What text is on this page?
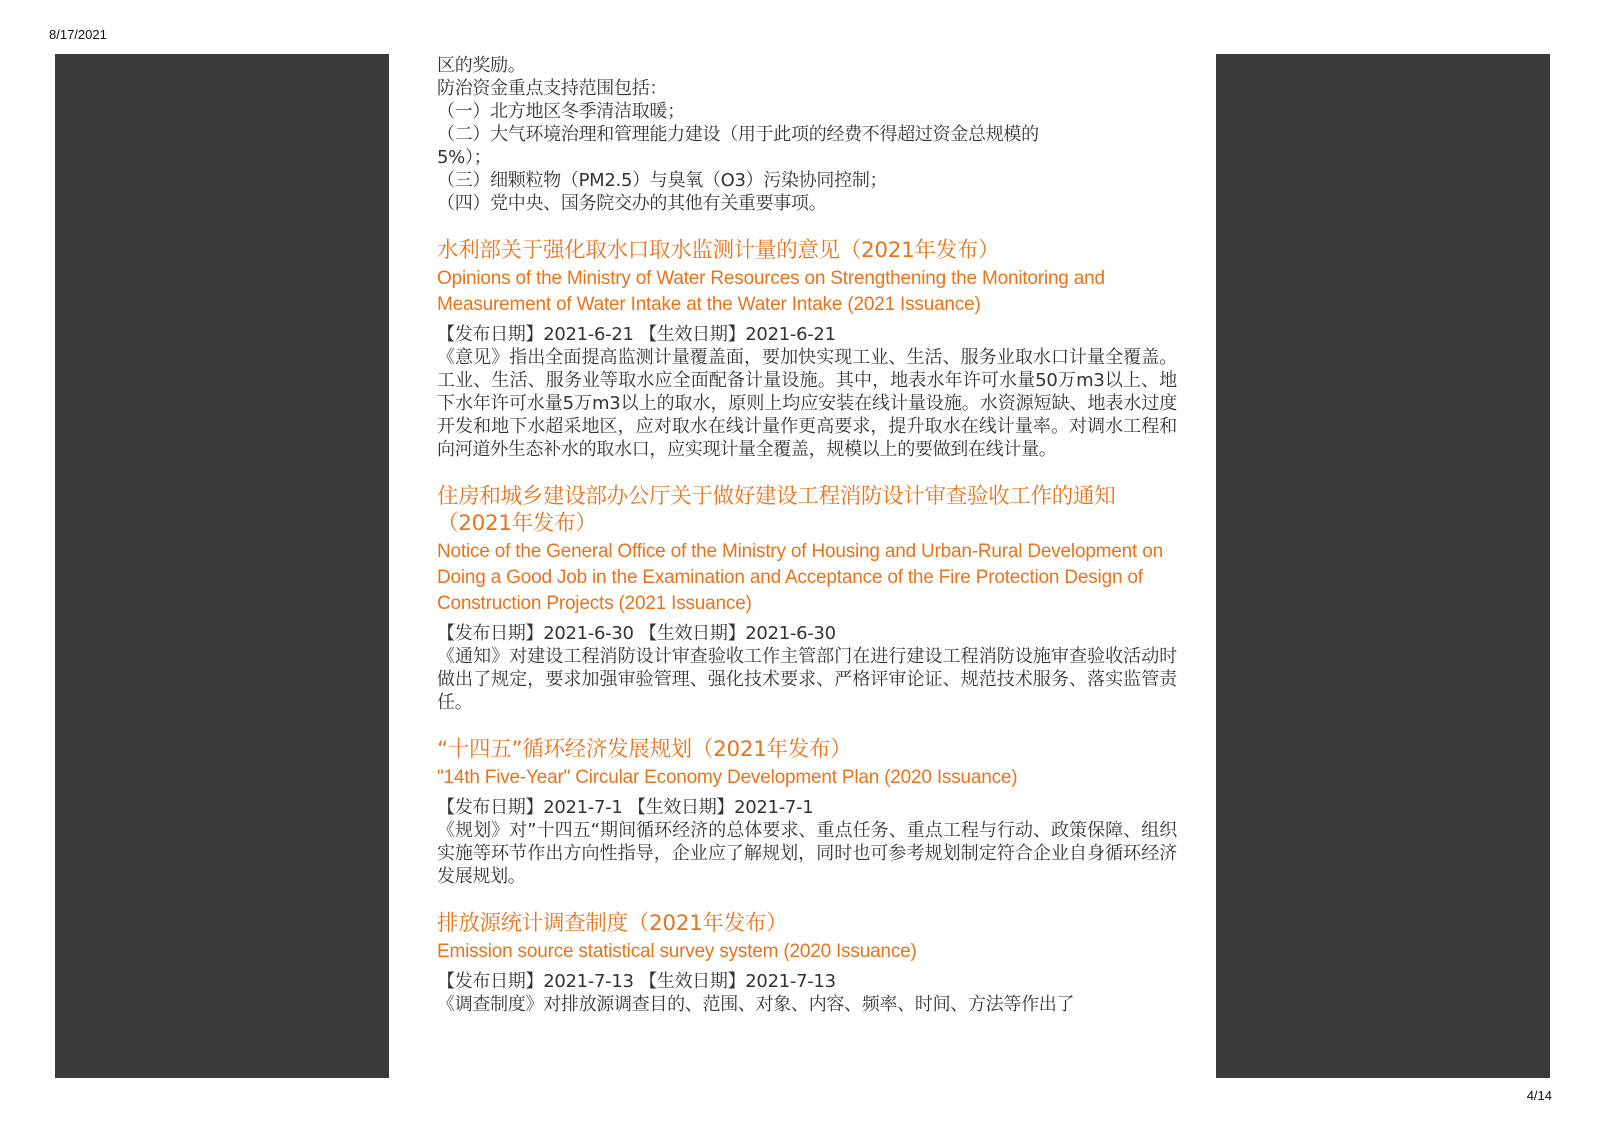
8/17/2021
区的奖励。
防治资金重点支持范围包括：
（一）北方地区冬季清洁取暖；
（二）大气环境治理和管理能力建设（用于此项的经费不得超过资金总规模的
5%）；
（三）细颗粒物（PM2.5）与臭氧（O3）污染协同控制；
（四）党中央、国务院交办的其他有关重要事项。
水利部关于强化取水口取水监测计量的意见（2021年发布）
Opinions of the Ministry of Water Resources on Strengthening the Monitoring and Measurement of Water Intake at the Water Intake (2021 Issuance)
【发布日期】2021-6-21 【生效日期】2021-6-21
《意见》指出全面提高监测计量覆盖面，要加快实现工业、生活、服务业取水口计量全覆盖。工业、生活、服务业等取水应全面配备计量设施。其中，地表水年许可水量50万m3以上、地下水年许可水量5万m3以上的取水，原则上均应安装在线计量设施。水资源短缺、地表水过度开发和地下水超采地区，应对取水在线计量作更高要求，提升取水在线计量率。对调水工程和向河道外生态补水的取水口，应实现计量全覆盖，规模以上的要做到在线计量。
住房和城乡建设部办公厅关于做好建设工程消防设计审查验收工作的通知（2021年发布）
Notice of the General Office of the Ministry of Housing and Urban-Rural Development on Doing a Good Job in the Examination and Acceptance of the Fire Protection Design of Construction Projects (2021 Issuance)
【发布日期】2021-6-30 【生效日期】2021-6-30
《通知》对建设工程消防设计审查验收工作主管部门在进行建设工程消防设施审查验收活动时做出了规定，要求加强审验管理、强化技术要求、严格评审论证、规范技术服务、落实监管责任。
“十四五”循环经济发展规划（2021年发布）
"14th Five-Year" Circular Economy Development Plan (2020 Issuance)
【发布日期】2021-7-1 【生效日期】2021-7-1
《规划》对”十四五“期间循环经济的总体要求、重点任务、重点工程与行动、政策保障、组织实施等环节作出方向性指导，企业应了解规划，同时也可参考规划制定符合企业自身循环经济发展规划。
排放源统计调查制度（2021年发布）
Emission source statistical survey system (2020 Issuance)
【发布日期】2021-7-13 【生效日期】2021-7-13
《调查制度》对排放源调查目的、范围、对象、内容、频率、时间、方法等作出了
4/14
